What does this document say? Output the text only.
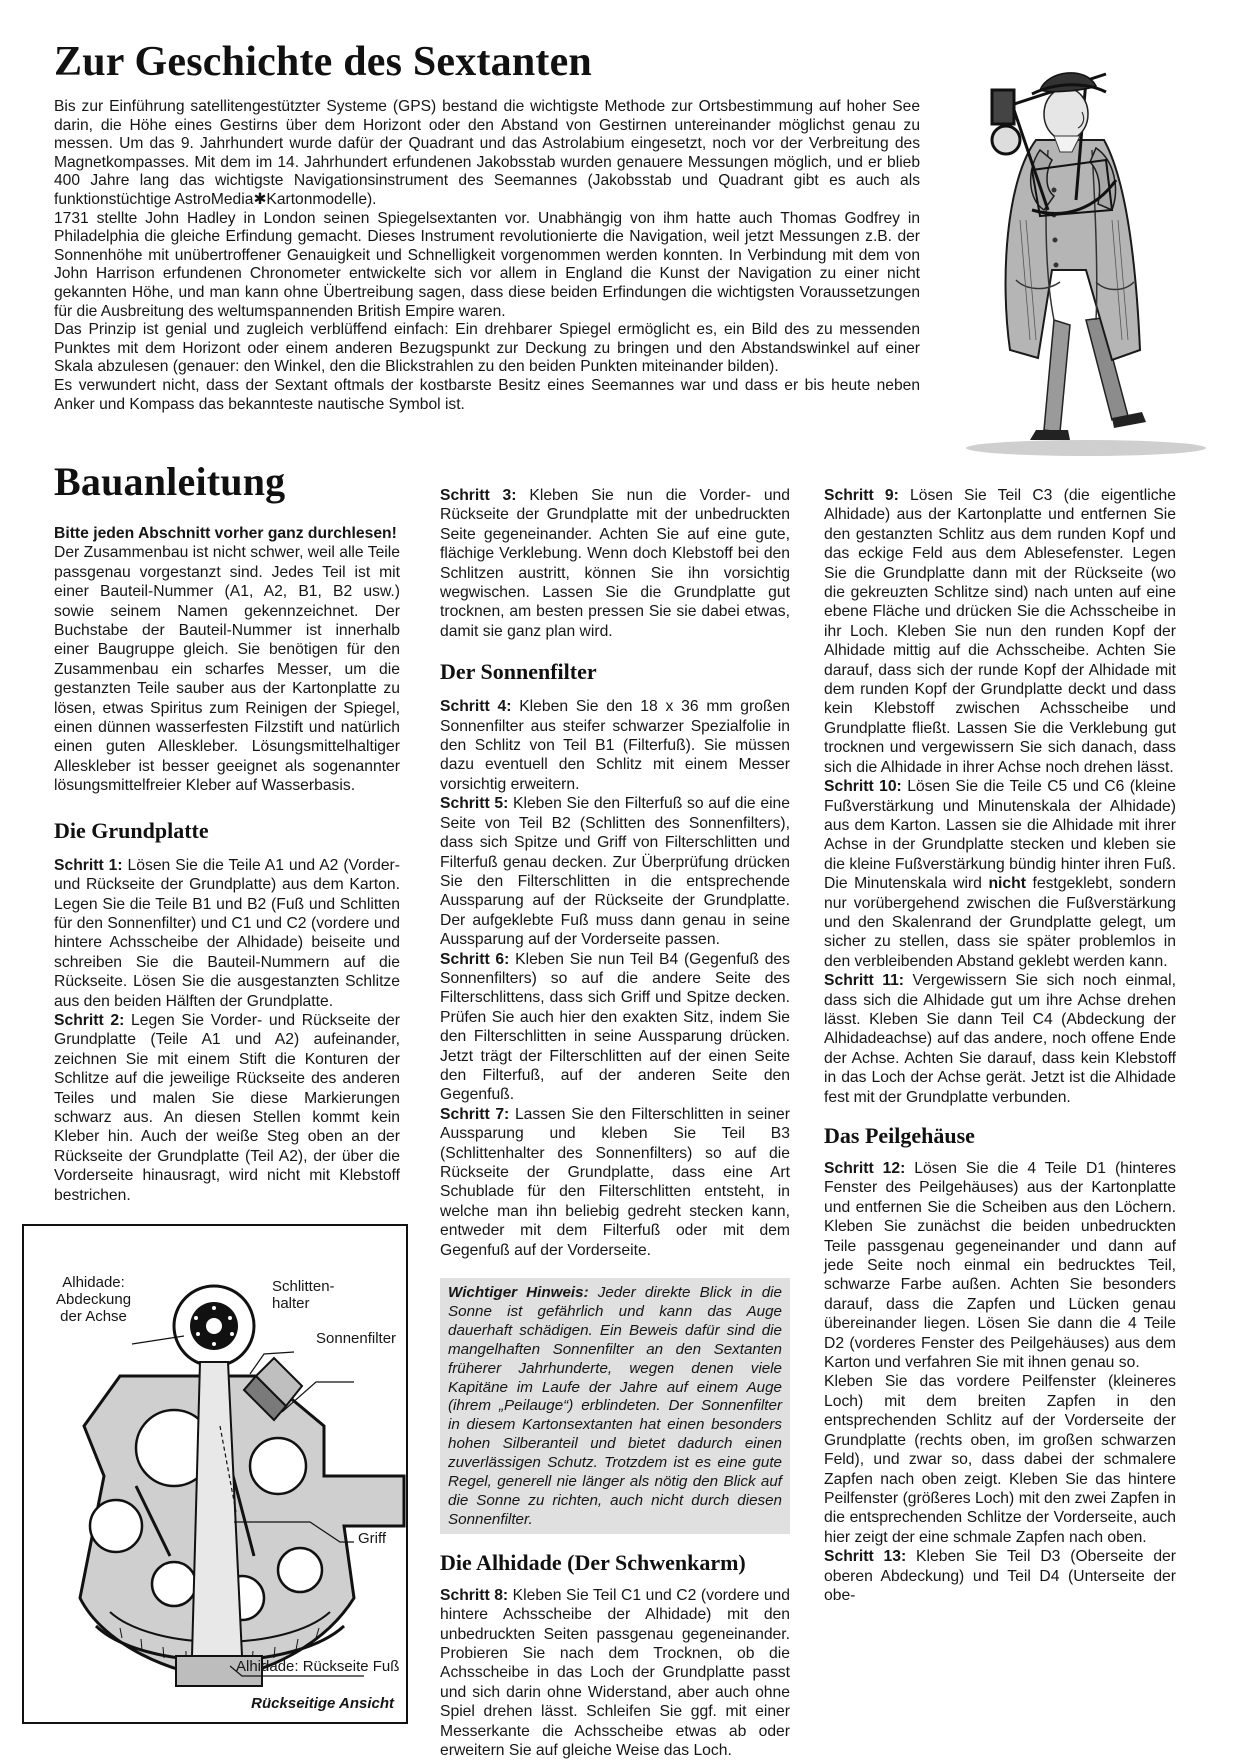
Zur Geschichte des Sextanten

Bis zur Einführung satellitengestützter Systeme (GPS) bestand die wichtigste Methode zur Ortsbestimmung auf hoher See darin, die Höhe eines Gestirns über dem Horizont oder den Abstand von Gestirnen untereinander möglichst genau zu messen. Um das 9. Jahrhundert wurde dafür der Quadrant und das Astrolabium eingesetzt, noch vor der Verbreitung des Magnetkompasses. Mit dem im 14. Jahrhundert erfundenen Jakobsstab wurden genauere Messungen möglich, und er blieb 400 Jahre lang das wichtigste Navigationsinstrument des Seemannes (Jakobsstab und Quadrant gibt es auch als funktionstüchtige AstroMedia✱Kartonmodelle).

1731 stellte John Hadley in London seinen Spiegelsextanten vor. Unabhängig von ihm hatte auch Thomas Godfrey in Philadelphia die gleiche Erfindung gemacht. Dieses Instrument revolutionierte die Navigation, weil jetzt Messungen z.B. der Sonnenhöhe mit unübertroffener Genauigkeit und Schnelligkeit vorgenommen werden konnten. In Verbindung mit dem von John Harrison erfundenen Chronometer entwickelte sich vor allem in England die Kunst der Navigation zu einer nicht gekannten Höhe, und man kann ohne Übertreibung sagen, dass diese beiden Erfindungen die wichtigsten Voraussetzungen für die Ausbreitung des weltumspannenden British Empire waren.

Das Prinzip ist genial und zugleich verblüffend einfach: Ein drehbarer Spiegel ermöglicht es, ein Bild des zu messenden Punktes mit dem Horizont oder einem anderen Bezugspunkt zur Deckung zu bringen und den Abstandswinkel auf einer Skala abzulesen (genauer: den Winkel, den die Blickstrahlen zu den beiden Punkten miteinander bilden).

Es verwundert nicht, dass der Sextant oftmals der kostbarste Besitz eines Seemannes war und dass er bis heute neben Anker und Kompass das bekannteste nautische Symbol ist.

Bauanleitung

Bitte jeden Abschnitt vorher ganz durchlesen!
Der Zusammenbau ist nicht schwer, weil alle Teile passgenau vorgestanzt sind. Jedes Teil ist mit einer Bauteil-Nummer (A1, A2, B1, B2 usw.) sowie seinem Namen gekennzeichnet. Der Buchstabe der Bauteil-Nummer ist innerhalb einer Baugruppe gleich. Sie benötigen für den Zusammenbau ein scharfes Messer, um die gestanzten Teile sauber aus der Kartonplatte zu lösen, etwas Spiritus zum Reinigen der Spiegel, einen dünnen wasserfesten Filzstift und natürlich einen guten Alleskleber. Lösungsmittelhaltiger Alleskleber ist besser geeignet als sogenannter lösungsmittelfreier Kleber auf Wasserbasis.

Die Grundplatte

Schritt 1: Lösen Sie die Teile A1 und A2 (Vorder- und Rückseite der Grundplatte) aus dem Karton. Legen Sie die Teile B1 und B2 (Fuß und Schlitten für den Sonnenfilter) und C1 und C2 (vordere und hintere Achsscheibe der Alhidade) beiseite und schreiben Sie die Bauteil-Nummern auf die Rückseite. Lösen Sie die ausgestanzten Schlitze aus den beiden Hälften der Grundplatte.

Schritt 2: Legen Sie Vorder- und Rückseite der Grundplatte (Teile A1 und A2) aufeinander, zeichnen Sie mit einem Stift die Konturen der Schlitze auf die jeweilige Rückseite des anderen Teiles und malen Sie diese Markierungen schwarz aus. An diesen Stellen kommt kein Kleber hin. Auch der weiße Steg oben an der Rückseite der Grundplatte (Teil A2), der über die Vorderseite hinausragt, wird nicht mit Klebstoff bestrichen.

Schritt 3: Kleben Sie nun die Vorder- und Rückseite der Grundplatte mit der unbedruckten Seite gegeneinander. Achten Sie auf eine gute, flächige Verklebung. Wenn doch Klebstoff bei den Schlitzen austritt, können Sie ihn vorsichtig wegwischen. Lassen Sie die Grundplatte gut trocknen, am besten pressen Sie sie dabei etwas, damit sie ganz plan wird.

Der Sonnenfilter

Schritt 4: Kleben Sie den 18 x 36 mm großen Sonnenfilter aus steifer schwarzer Spezialfolie in den Schlitz von Teil B1 (Filterfuß). Sie müssen dazu eventuell den Schlitz mit einem Messer vorsichtig erweitern.

Schritt 5: Kleben Sie den Filterfuß so auf die eine Seite von Teil B2 (Schlitten des Sonnenfilters), dass sich Spitze und Griff von Filterschlitten und Filterfuß genau decken. Zur Überprüfung drücken Sie den Filterschlitten in die entsprechende Aussparung auf der Rückseite der Grundplatte. Der aufgeklebte Fuß muss dann genau in seine Aussparung auf der Vorderseite passen.

Schritt 6: Kleben Sie nun Teil B4 (Gegenfuß des Sonnenfilters) so auf die andere Seite des Filterschlittens, dass sich Griff und Spitze decken. Prüfen Sie auch hier den exakten Sitz, indem Sie den Filterschlitten in seine Aussparung drücken. Jetzt trägt der Filterschlitten auf der einen Seite den Filterfuß, auf der anderen Seite den Gegenfuß.

Schritt 7: Lassen Sie den Filterschlitten in seiner Aussparung und kleben Sie Teil B3 (Schlittenhalter des Sonnenfilters) so auf die Rückseite der Grundplatte, dass eine Art Schublade für den Filterschlitten entsteht, in welche man ihn beliebig gedreht stecken kann, entweder mit dem Filterfuß oder mit dem Gegenfuß auf der Vorderseite.

Wichtiger Hinweis: Jeder direkte Blick in die Sonne ist gefährlich und kann das Auge dauerhaft schädigen. Ein Beweis dafür sind die mangelhaften Sonnenfilter an den Sextanten früherer Jahrhunderte, wegen denen viele Kapitäne im Laufe der Jahre auf einem Auge (ihrem „Peilauge“) erblindeten. Der Sonnenfilter in diesem Kartonsextanten hat einen besonders hohen Silberanteil und bietet dadurch einen zuverlässigen Schutz. Trotzdem ist es eine gute Regel, generell nie länger als nötig den Blick auf die Sonne zu richten, auch nicht durch diesen Sonnenfilter.
Die Alhidade (Der Schwenkarm)

Schritt 8: Kleben Sie Teil C1 und C2 (vordere und hintere Achsscheibe der Alhidade) mit den unbedruckten Seiten passgenau gegeneinander. Probieren Sie nach dem Trocknen, ob die Achsscheibe in das Loch der Grundplatte passt und sich darin ohne Widerstand, aber auch ohne Spiel drehen lässt. Schleifen Sie ggf. mit einer Messerkante die Achsscheibe etwas ab oder erweitern Sie auf gleiche Weise das Loch.

Schritt 9: Lösen Sie Teil C3 (die eigentliche Alhidade) aus der Kartonplatte und entfernen Sie den gestanzten Schlitz aus dem runden Kopf und das eckige Feld aus dem Ablesefenster. Legen Sie die Grundplatte dann mit der Rückseite (wo die gekreuzten Schlitze sind) nach unten auf eine ebene Fläche und drücken Sie die Achsscheibe in ihr Loch. Kleben Sie nun den runden Kopf der Alhidade mittig auf die Achsscheibe. Achten Sie darauf, dass sich der runde Kopf der Alhidade mit dem runden Kopf der Grundplatte deckt und dass kein Klebstoff zwischen Achsscheibe und Grundplatte fließt. Lassen Sie die Verklebung gut trocknen und vergewissern Sie sich danach, dass sich die Alhidade in ihrer Achse noch drehen lässt.

Schritt 10: Lösen Sie die Teile C5 und C6 (kleine Fußverstärkung und Minutenskala der Alhidade) aus dem Karton. Lassen sie die Alhidade mit ihrer Achse in der Grundplatte stecken und kleben sie die kleine Fußverstärkung bündig hinter ihren Fuß. Die Minutenskala wird nicht festgeklebt, sondern nur vorübergehend zwischen die Fußverstärkung und den Skalenrand der Grundplatte gelegt, um sicher zu stellen, dass sie später problemlos in den verbleibenden Abstand geklebt werden kann.

Schritt 11: Vergewissern Sie sich noch einmal, dass sich die Alhidade gut um ihre Achse drehen lässt. Kleben Sie dann Teil C4 (Abdeckung der Alhidadeachse) auf das andere, noch offene Ende der Achse. Achten Sie darauf, dass kein Klebstoff in das Loch der Achse gerät. Jetzt ist die Alhidade fest mit der Grundplatte verbunden.

Das Peilgehäuse

Schritt 12: Lösen Sie die 4 Teile D1 (hinteres Fenster des Peilgehäuses) aus der Kartonplatte und entfernen Sie die Scheiben aus den Löchern. Kleben Sie zunächst die beiden unbedruckten Teile passgenau gegeneinander und dann auf jede Seite noch einmal ein bedrucktes Teil, schwarze Farbe außen. Achten Sie besonders darauf, dass die Zapfen und Lücken genau übereinander liegen. Lösen Sie dann die 4 Teile D2 (vorderes Fenster des Peilgehäuses) aus dem Karton und verfahren Sie mit ihnen genau so.

Kleben Sie das vordere Peilfenster (kleineres Loch) mit dem breiten Zapfen in den entsprechenden Schlitz auf der Vorderseite der Grundplatte (rechts oben, im großen schwarzen Feld), und zwar so, dass dabei der schmalere Zapfen nach oben zeigt. Kleben Sie das hintere Peilfenster (größeres Loch) mit den zwei Zapfen in die entsprechenden Schlitze der Vorderseite, auch hier zeigt der eine schmale Zapfen nach oben.

Schritt 13: Kleben Sie Teil D3 (Oberseite der oberen Abdeckung) und Teil D4 (Unterseite der obe-

Alhidade:
Abdeckung
der Achse
Schlitten-
halter
Sonnenfilter
Griff
Alhidade: Rückseite Fuß
Rückseitige Ansicht
